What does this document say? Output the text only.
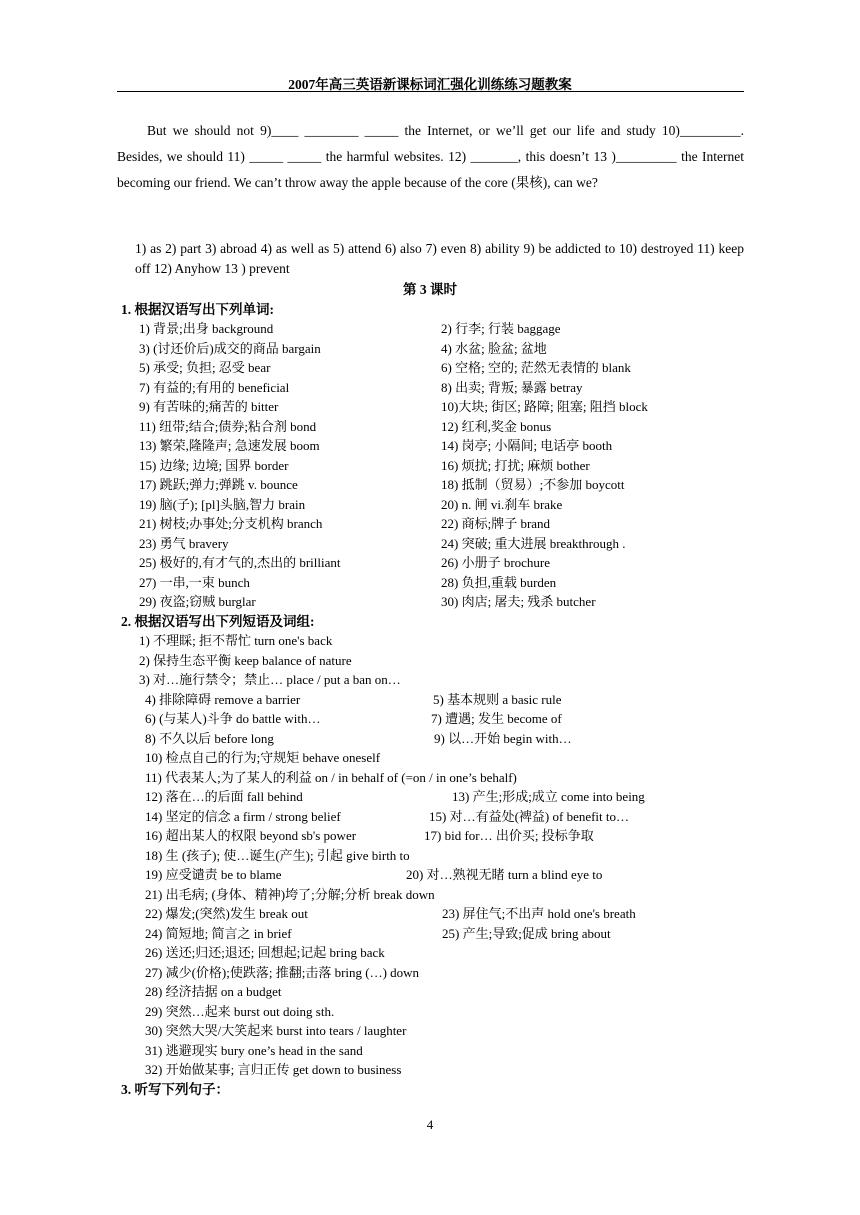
2007年高三英语新课标词汇强化训练练习题教案

But we should not 9)____ ________ _____ the Internet, or we’ll get our life and study 10)_________. Besides, we should 11) _____ _____ the harmful websites. 12) _______, this doesn’t 13 )_________ the Internet becoming our friend. We can’t throw away the apple because of the core (果核), can we?

1) as 2) part 3) abroad 4) as well as 5) attend 6) also 7) even 8) ability 9) be addicted to 10) destroyed 11) keep off 12) Anyhow 13 ) prevent
第 3 课时
1. 根据汉语写出下列单词:
1) 背景;出身 background	2) 行李; 行装 baggage
3) (讨还价后)成交的商品 bargain	4) 水盆; 脸盆; 盆地
5) 承受; 负担; 忍受 bear	6) 空格; 空的; 茫然无表情的 blank
7) 有益的;有用的 beneficial	8) 出卖; 背叛; 暴露 betray
9) 有苦味的;痛苦的 bitter	10)大块; 街区; 路障; 阻塞; 阻挡 block
11) 纽带;结合;债券;粘合剂 bond	12) 红利,奖金 bonus
13) 繁荣,隆隆声; 急速发展 boom	14) 岗亭; 小隔间; 电话亭 booth
15) 边缘; 边境; 国界 border	16) 烦扰; 打扰; 麻烦 bother
17) 跳跃;弹力;弹跳 v. bounce	18) 抵制（贸易）;不参加 boycott
19) 脑(子); [pl]头脑,智力 brain	20) n. 闸 vi.刹车 brake
21) 树枝;办事处;分支机构 branch	22) 商标;牌子 brand
23) 勇气 bravery	24) 突破; 重大进展 breakthrough .
25) 极好的,有才气的,杰出的 brilliant	26) 小册子 brochure
27) 一串,一束 bunch	28) 负担,重载 burden
29) 夜盗;窃贼 burglar	30) 肉店; 屠夫; 残杀 butcher
2. 根据汉语写出下列短语及词组:
1) 不理睬; 拒不帮忙 turn one's back
2) 保持生态平衡 keep balance of nature
3) 对…施行禁令；禁止… place / put a ban on…
4) 排除障碍 remove a barrier	5) 基本规则 a basic rule
6) (与某人)斗争 do battle with…	7) 遭遇; 发生 become of
8) 不久以后 before long	9) 以…开始 begin with…
10) 检点自己的行为;守规矩 behave oneself
11) 代表某人;为了某人的利益 on / in behalf of (=on / in one’s behalf)
12) 落在…的后面 fall behind	13) 产生;形成;成立 come into being
14) 坚定的信念 a firm / strong belief	15) 对…有益处(裨益) of benefit to…
16) 超出某人的权限 beyond sb's power	17) bid for… 出价买; 投标争取
18) 生 (孩子); 使…诞生(产生); 引起 give birth to
19) 应受谴责 be to blame	20) 对…熟视无睹 turn a blind eye to
21) 出毛病; (身体、精神)垮了;分解;分析 break down
22) 爆发;(突然)发生 break out	23) 屏住气;不出声 hold one's breath
24) 简短地; 简言之 in brief	25) 产生;导致;促成 bring about
26) 送还;归还;退还; 回想起;记起 bring back
27) 减少(价格);使跌落; 推翻;击落 bring (…) down
28) 经济拮据 on a budget
29) 突然…起来 burst out doing sth.
30) 突然大哭/大笑起来 burst into tears / laughter
31) 逃避现实 bury one’s head in the sand
32) 开始做某事; 言归正传 get down to business
3. 听写下列句子：
4
